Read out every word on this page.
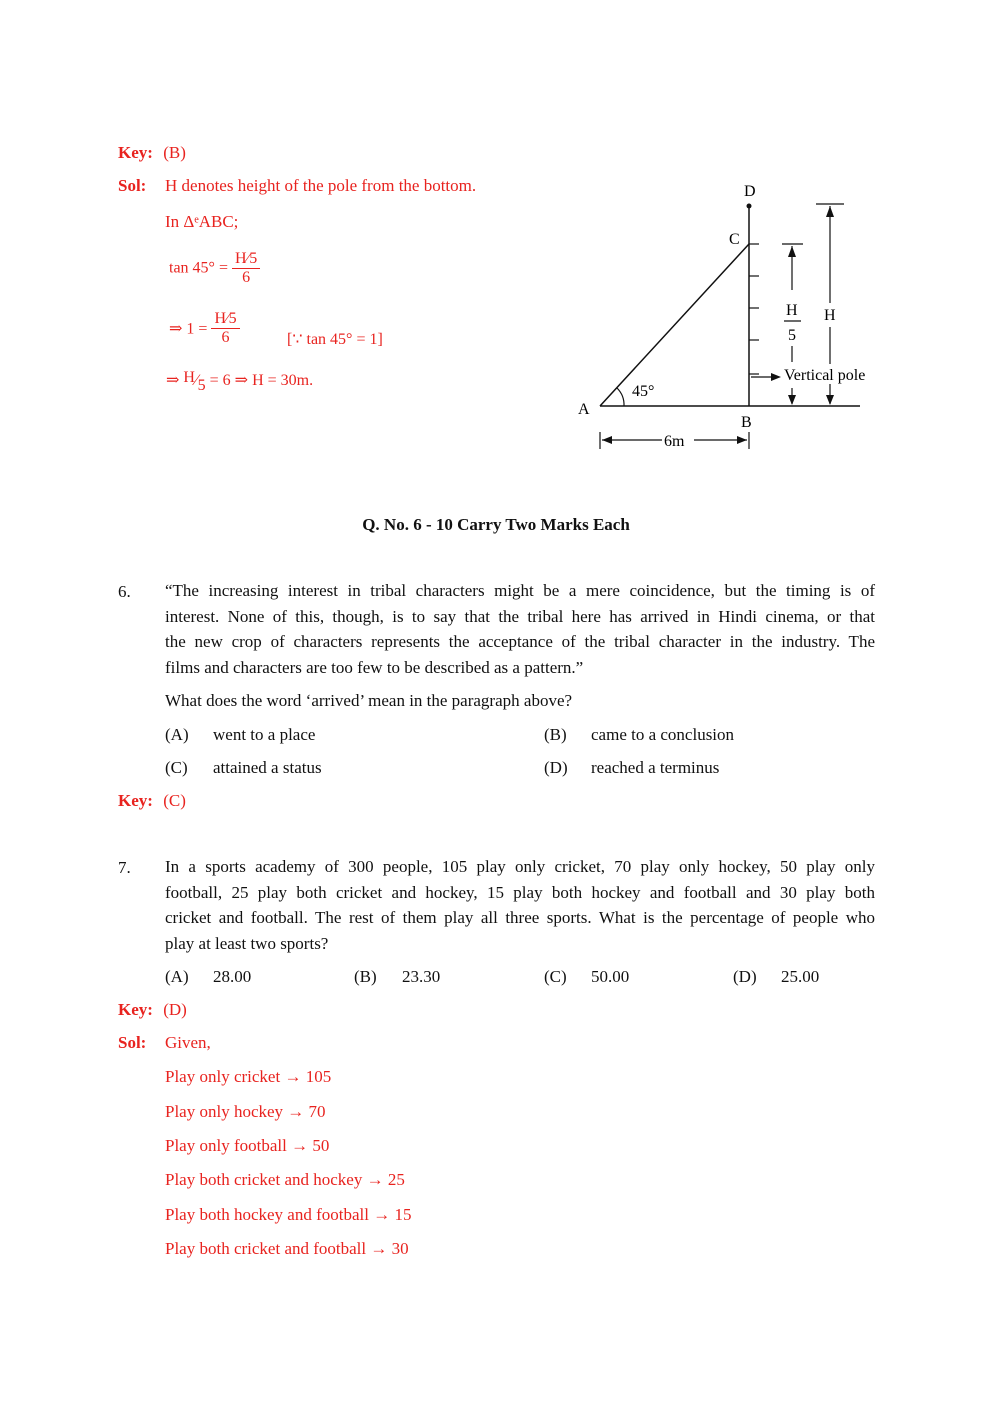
Key: (B)
Sol: H denotes height of the pole from the bottom.
In ΔᵉABC;
$\tan 45^\circ = \frac{H⁄5}{6}$
⇒ $1 = \frac{H⁄5}{6}$	[∵ tan 45° = 1]
⇒ H⁄5 = 6 ⇒ H = 30m.
D
C
A
B
45°
6m
H
5
H
Vertical pole
Q. No. 6 - 10 Carry Two Marks Each
6. “The increasing interest in tribal characters might be a mere coincidence, but the timing is of
interest. None of this, though, is to say that the tribal here has arrived in Hindi cinema, or that
the new crop of characters represents the acceptance of the tribal character in the industry. The
films and characters are too few to be described as a pattern.”
What does the word ‘arrived’ mean in the paragraph above?
(A) went to a place	(B) came to a conclusion
(C) attained a status	(D) reached a terminus
Key: (C)
7. In a sports academy of 300 people, 105 play only cricket, 70 play only hockey, 50 play only
football, 25 play both cricket and hockey, 15 play both hockey and football and 30 play both
cricket and football. The rest of them play all three sports. What is the percentage of people who
play at least two sports?
(A) 28.00	(B) 23.30	(C) 50.00	(D) 25.00
Key: (D)
Sol: Given,
Play only cricket → 105
Play only hockey → 70
Play only football → 50
Play both cricket and hockey → 25
Play both hockey and football → 15
Play both cricket and football → 30
